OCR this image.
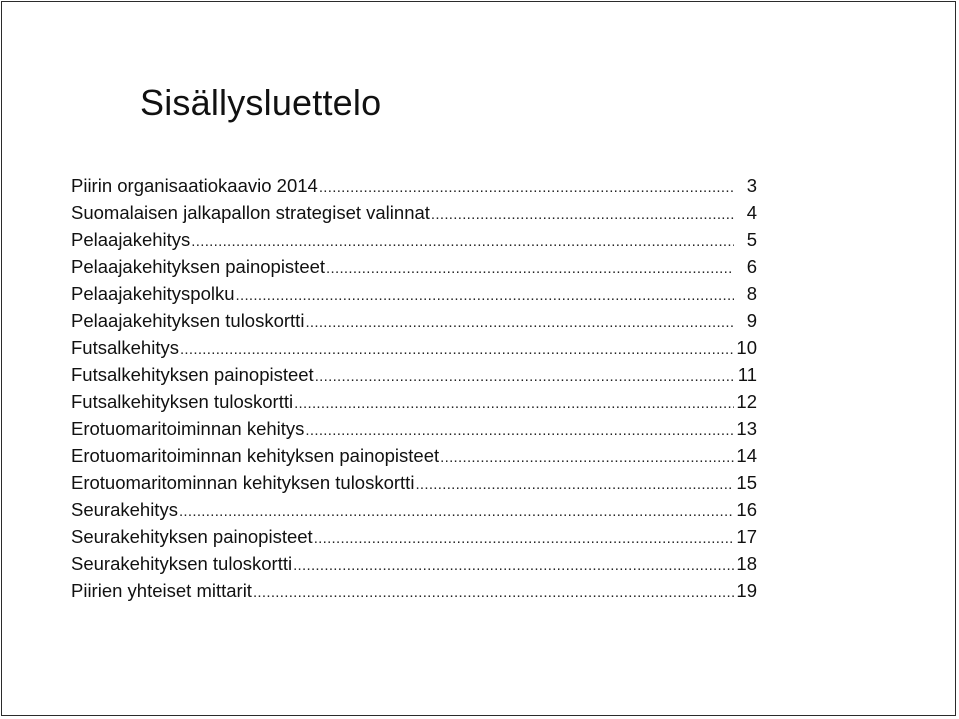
Sisällysluettelo
Piirin organisaatiokaavio 2014 .....	3
Suomalaisen jalkapallon strategiset valinnat .....	4
Pelaajakehitys .....	5
Pelaajakehityksen painopisteet .....	6
Pelaajakehityspolku .....	8
Pelaajakehityksen tuloskortti .....	9
Futsalkehitys .....	10
Futsalkehityksen painopisteet .....	11
Futsalkehityksen tuloskortti .....	12
Erotuomaritoiminnan kehitys .....	13
Erotuomaritoiminnan kehityksen painopisteet .....	14
Erotuomaritominnan kehityksen tuloskortti .....	15
Seurakehitys .....	16
Seurakehityksen painopisteet .....	17
Seurakehityksen tuloskortti .....	18
Piirien yhteiset mittarit .....	19
